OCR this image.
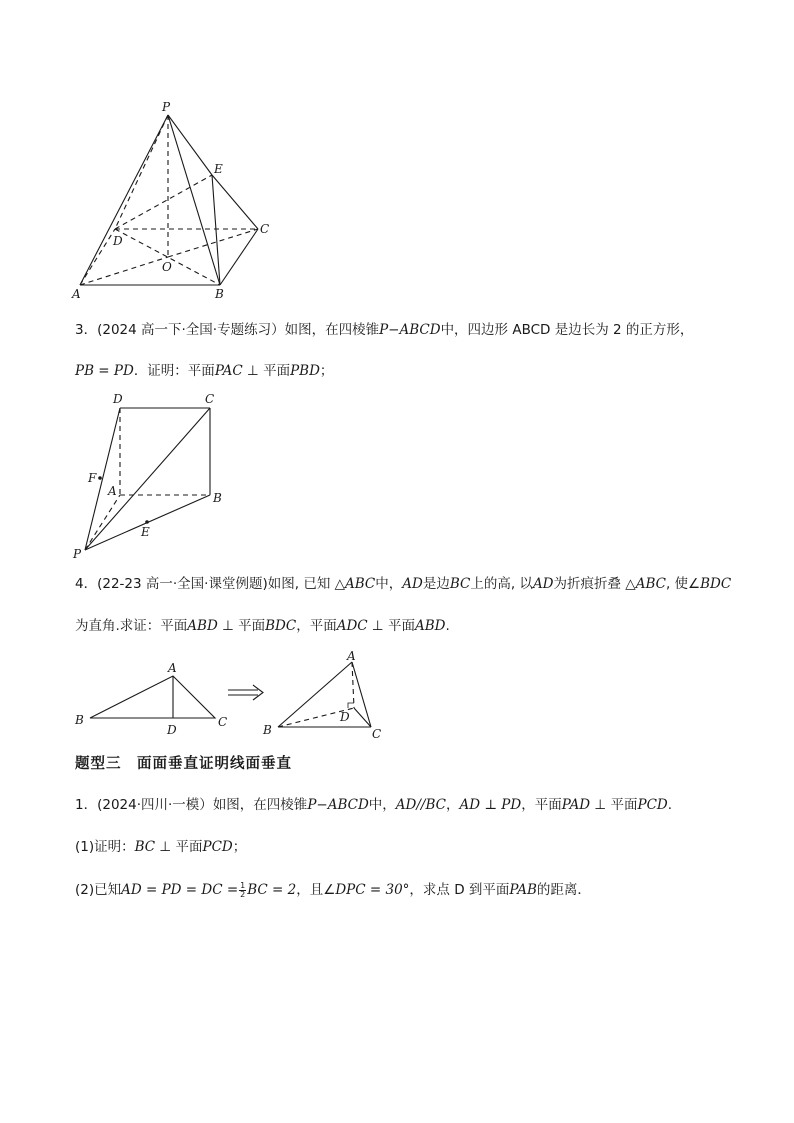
P
E
C
D
O
A	B
3．(2024 高一下·全国·专题练习）如图，在四棱锥P−ABCD中，四边形 ABCD 是边长为 2 的正方形，
PB = PD．证明：平面PAC ⊥ 平面PBD；
D	C
F
A	B
E
P
4．(22-23 高一·全国·课堂例题)如图, 已知 △ABC中，AD是边BC上的高, 以AD为折痕折叠 △ABC, 使∠BDC
为直角.求证：平面ABD ⊥ 平面BDC，平面ADC ⊥ 平面ABD.
A
B
D
C
A
B
D
C
题型三　面面垂直证明线面垂直
1．(2024·四川·一模）如图，在四棱锥P−ABCD中，AD//BC，AD ⊥ PD，平面PAD ⊥ 平面PCD.
(1)证明：BC ⊥ 平面PCD；
(2)已知AD = PD = DC = $\frac{1}{2}$ BC = 2，且∠DPC = 30°，求点 D 到平面PAB的距离．
